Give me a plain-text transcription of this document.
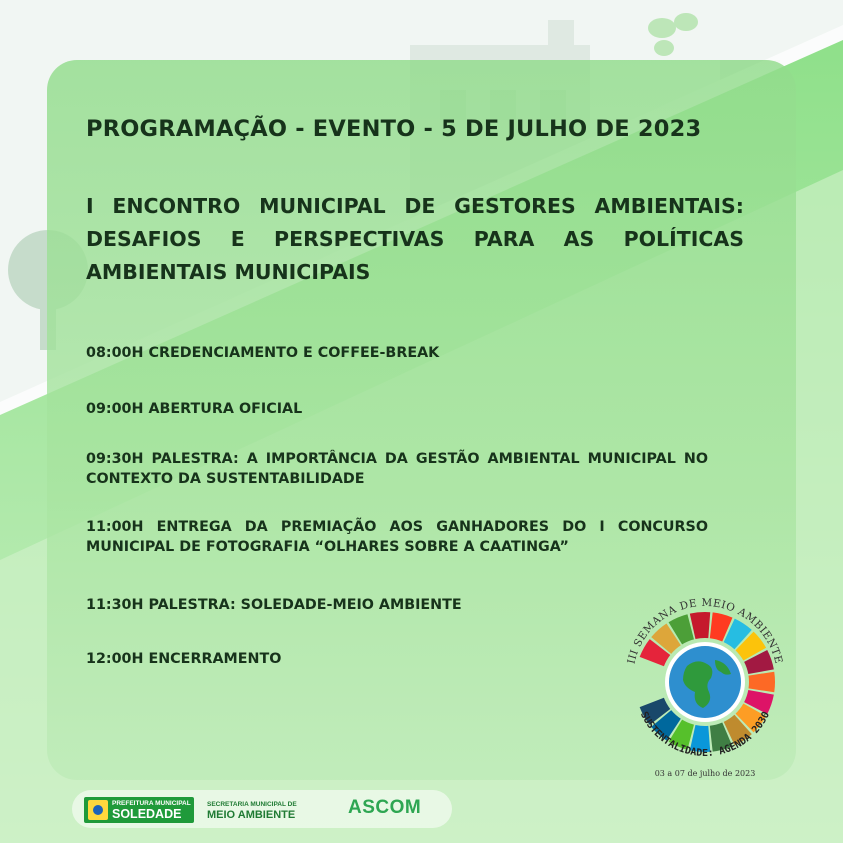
PROGRAMAÇÃO - EVENTO - 5 DE JULHO DE 2023
I ENCONTRO MUNICIPAL DE GESTORES AMBIENTAIS: DESAFIOS E PERSPECTIVAS PARA AS POLÍTICAS AMBIENTAIS MUNICIPAIS
08:00H CREDENCIAMENTO E COFFEE-BREAK
09:00H ABERTURA OFICIAL
09:30H PALESTRA: A IMPORTÂNCIA DA GESTÃO AMBIENTAL MUNICIPAL NO CONTEXTO DA SUSTENTABILIDADE
11:00H ENTREGA DA PREMIAÇÃO AOS GANHADORES DO I CONCURSO MUNICIPAL DE FOTOGRAFIA “OLHARES SOBRE A CAATINGA”
11:30H PALESTRA: SOLEDADE-MEIO AMBIENTE
12:00H ENCERRAMENTO	III SEMANA DE MEIO AMBIENTE
SUSTENTALIDADE: AGENDA 2030
03 a 07 de julho de 2023
PREFEITURA MUNICIPAL
SOLEDADE
SECRETARIA MUNICIPAL DE
MEIO AMBIENTE	ASCOM
